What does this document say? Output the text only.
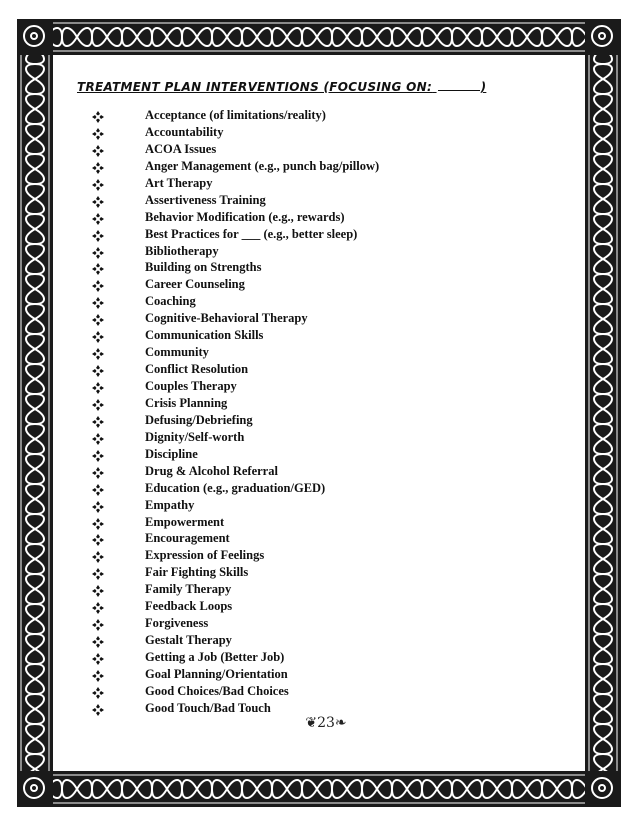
TREATMENT PLAN INTERVENTIONS (FOCUSING ON:	)
Acceptance (of limitations/reality)
Accountability
ACOA Issues
Anger Management (e.g., punch bag/pillow)
Art Therapy
Assertiveness Training
Behavior Modification (e.g., rewards)
Best Practices for ___ (e.g., better sleep)
Bibliotherapy
Building on Strengths
Career Counseling
Coaching
Cognitive-Behavioral Therapy
Communication Skills
Community
Conflict Resolution
Couples Therapy
Crisis Planning
Defusing/Debriefing
Dignity/Self-worth
Discipline
Drug & Alcohol Referral
Education (e.g., graduation/GED)
Empathy
Empowerment
Encouragement
Expression of Feelings
Fair Fighting Skills
Family Therapy
Feedback Loops
Forgiveness
Gestalt Therapy
Getting a Job (Better Job)
Goal Planning/Orientation
Good Choices/Bad Choices
Good Touch/Bad Touch
❦23❧
